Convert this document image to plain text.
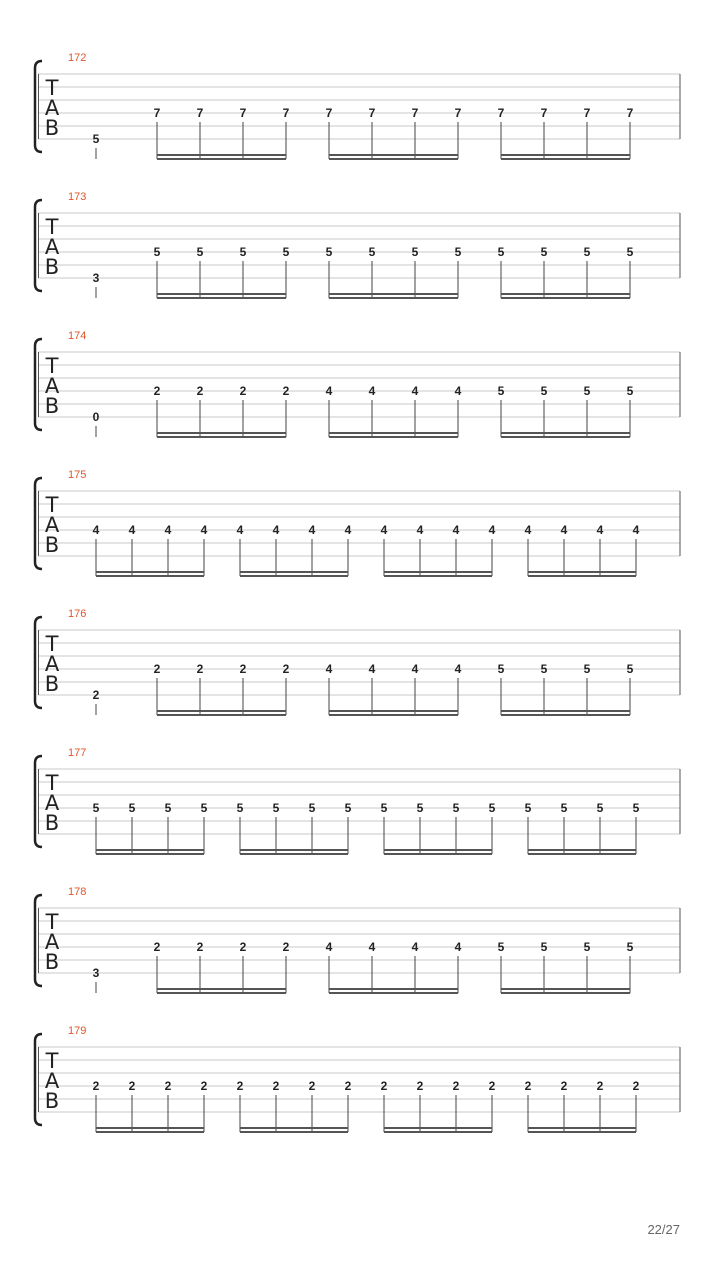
172
T
A
B	5
7	7	7	7	7	7	7	7	7	7	7	7
173
T
A
B	3
5	5	5	5	5	5	5	5	5	5	5	5
174
T
A
B	0
2	2	2	2	4	4	4	4	5	5	5	5
175
T
A
B
4 4 4 4 4 4 4 4 4 4 4 4 4 4 4 4
176
T
A
B	2
2	2	2	2	4	4	4	4	5	5	5	5
177
T
A
B
5 5 5 5 5 5 5 5 5 5 5 5 5 5 5 5
178
T
A
B	3
2	2	2	2	4	4	4	4	5	5	5	5
179
T
A
B
2 2 2 2 2 2 2 2 2 2 2 2 2 2 2 2
22/27
